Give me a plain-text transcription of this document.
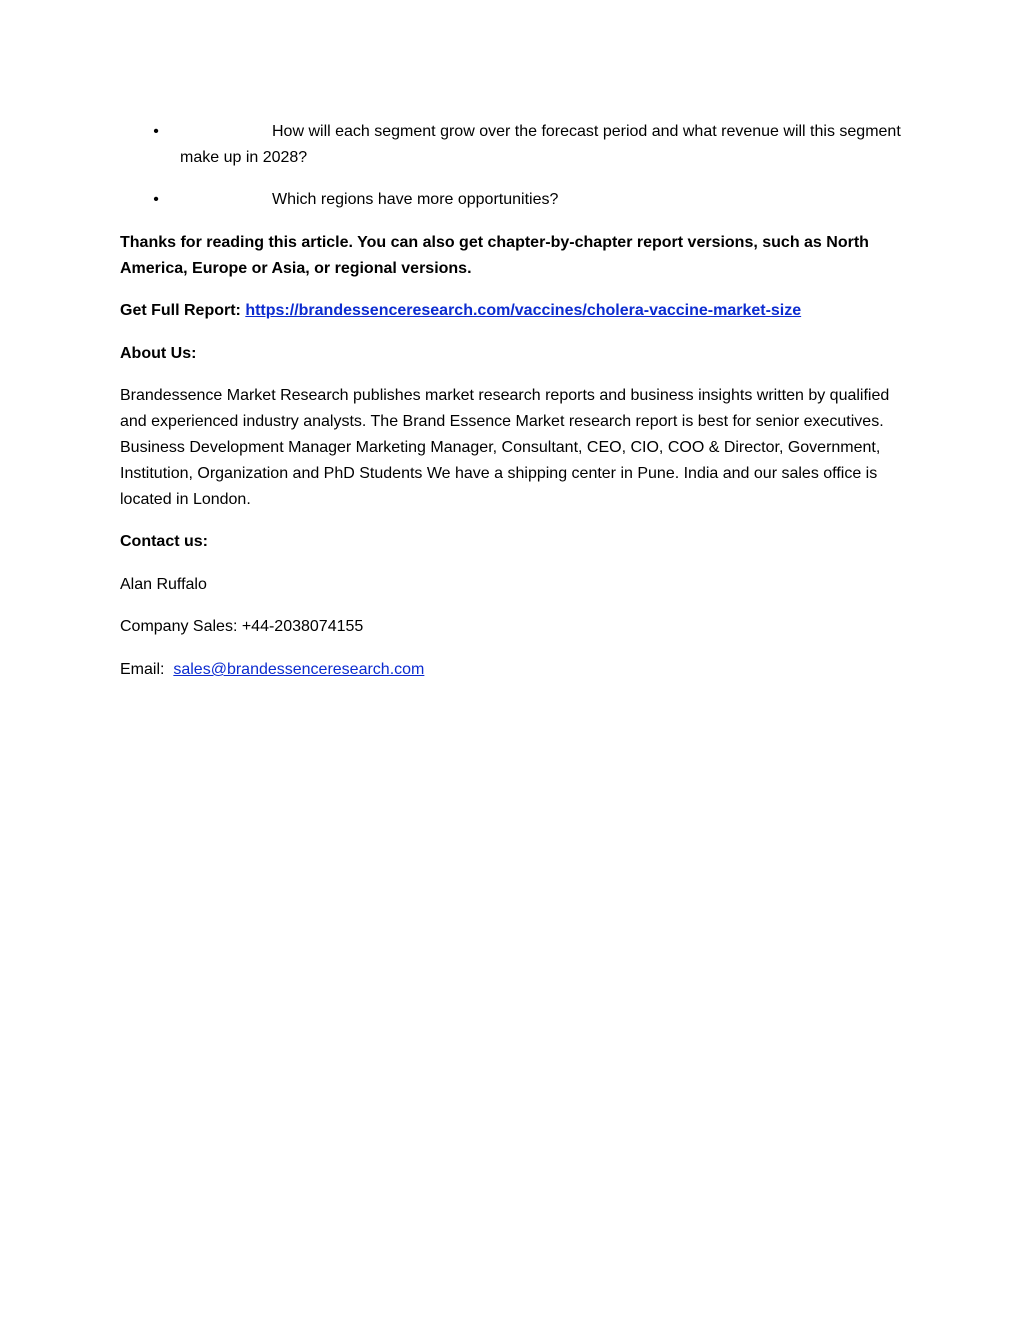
•	How will each segment grow over the forecast period and what revenue will this segment make up in 2028?
•	Which regions have more opportunities?

Thanks for reading this article. You can also get chapter-by-chapter report versions, such as North America, Europe or Asia, or regional versions.

Get Full Report: https://brandessenceresearch.com/vaccines/cholera-vaccine-market-size

About Us:

Brandessence Market Research publishes market research reports and business insights written by qualified and experienced industry analysts. The Brand Essence Market research report is best for senior executives. Business Development Manager Marketing Manager, Consultant, CEO, CIO, COO & Director, Government, Institution, Organization and PhD Students We have a shipping center in Pune. India and our sales office is located in London.

Contact us:

Alan Ruffalo

Company Sales: +44-2038074155

Email:  sales@brandessenceresearch.com
